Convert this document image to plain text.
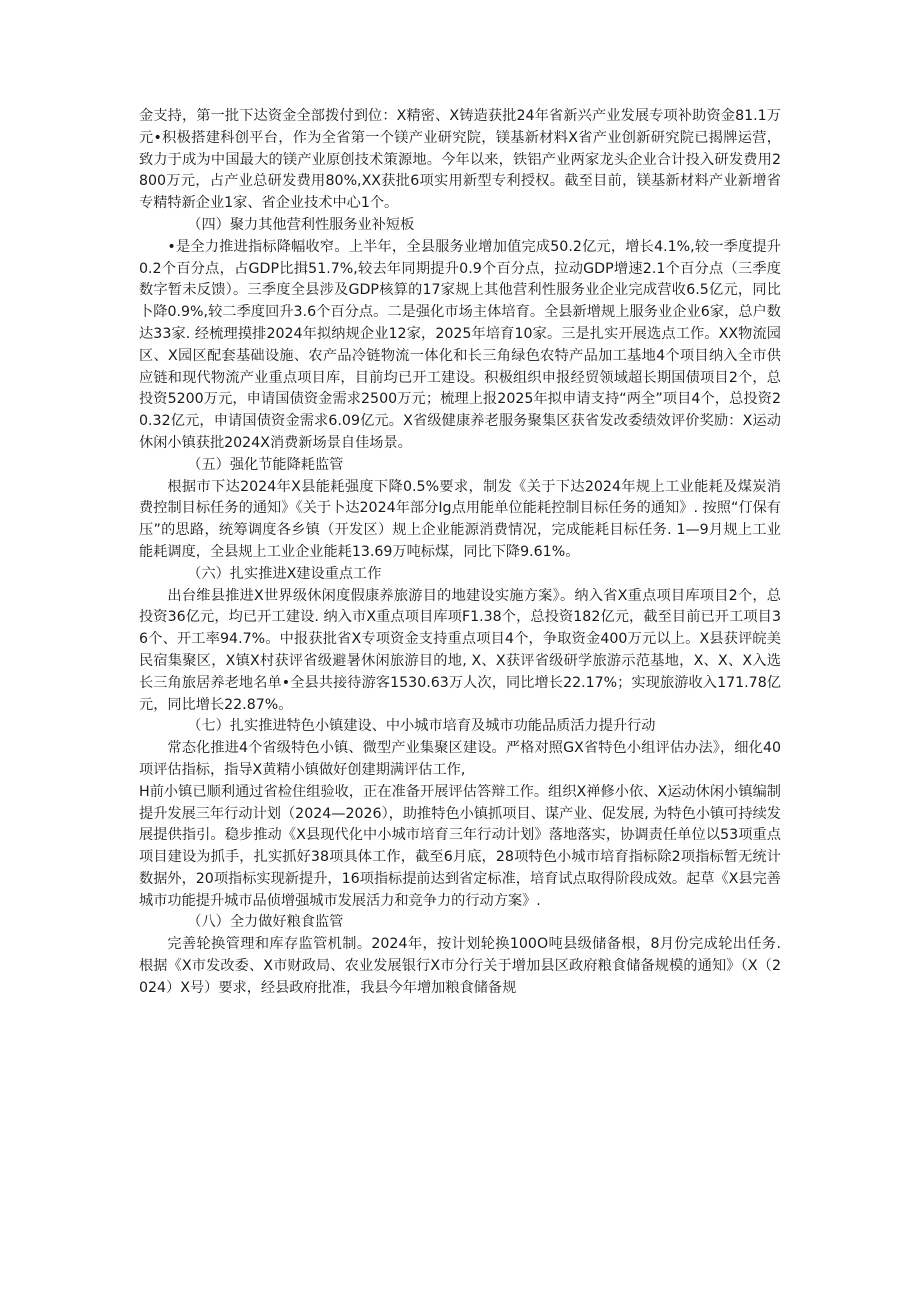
金支持，第一批下达资金全部拨付到位：X精密、X铸造获批24年省新兴产业发展专项补助资金81.1万元•积极搭建科创平台，作为全省第一个镁产业研究院，镁基新材料X省产业创新研究院已揭牌运营，致力于成为中国最大的镁产业原创技术策源地。今年以来，铁铝产业两家龙头企业合计投入研发费用2800万元，占产业总研发费用80%,XX获批6项实用新型专利授权。截至目前，镁基新材料产业新增省专精特新企业1家、省企业技术中心1个。

（四）聚力其他营利性服务业补短板

•是全力推进指标降幅收窄。上半年，全县服务业增加值完成50.2亿元，增长4.1%,较一季度提升0.2个百分点，占GDP比揖51.7%,较去年同期提升0.9个百分点，拉动GDP增速2.1个百分点（三季度数字暂未反馈）。三季度全县涉及GDP核算的17家规上其他营利性服务业企业完成营收6.5亿元，同比卜降0.9%,较二季度回升3.6个百分点。二是强化市场主体培育。全县新增规上服务业企业6家，总户数达33家. 经梳理摸排2024年拟纳规企业12家，2025年培育10家。三是扎实开展选点工作。XX物流园区、X园区配套基础设施、农产品冷链物流一体化和长三角绿色农特产品加工基地4个项目纳入全市供应链和现代物流产业重点项目库，目前均已开工建设。积极组织申报经贸领域超长期国债项目2个，总投资5200万元，申请国债资金需求2500万元；梳理上报2025年拟申请支持“两全”项目4个，总投资20.32亿元，申请国债资金需求6.09亿元。X省级健康养老服务聚集区获省发改委绩效评价奖励：X运动休闲小镇获批2024X消费新场景自佳场景。

（五）强化节能降耗监管

根据市下达2024年X县能耗强度下降0.5%要求，制发《关于下达2024年规上工业能耗及煤炭消费控制目标任务的通知》《关于卜达2024年部分Ig点用能单位能耗控制目标任务的通知》. 按照“仃保有压”的思路，统筹调度各乡镇（开发区）规上企业能源消费情况，完成能耗目标任务. 1—9月规上工业能耗调度，全县规上工业企业能耗13.69万吨标煤，同比下降9.61%。

（六）扎实推进X建设重点工作

出台维县推进X世界级休闲度假康养旅游目的地建设实施方案》。纳入省X重点项目库项目2个，总投资36亿元，均已开工建设. 纳入市X重点项目库项F1.38个，总投资182亿元，截至目前已开工项目36个、开工率94.7%。中报获批省X专项资金支持重点项目4个，争取资金400万元以上。X县获评皖美民宿集聚区，X镇X村获评省级避暑休闲旅游目的地, X、X获评省级研学旅游示范基地，X、X、X入选长三角旅居养老地名单•全县共接待游客1530.63万人次，同比增长22.17%；实现旅游收入171.78亿元，同比增长22.87%。

（七）扎实推进特色小镇建设、中小城市培育及城市功能品质活力提升行动

常态化推进4个省级特色小镇、微型产业集聚区建设。严格对照GX省特色小组评估办法》，细化40项评估指标，指导X黄精小镇做好创建期满评估工作,

H前小镇已顺利通过省检住组验收，正在准备开展评估答辩工作。组织X禅修小依、X运动休闲小镇编制提升发展三年行动计划（2024—2026），助推特色小镇抓项目、谋产业、促发展, 为特色小镇可持续发展提供指引。稳步推动《X县现代化中小城市培育三年行动计划》落地落实，协调责任单位以53项重点项目建设为抓手，扎实抓好38项具体工作，截至6月底，28项特色小城市培育指标除2项指标暂无统计数据外，20项指标实现新提升，16项指标提前达到省定标准，培育试点取得阶段成效。起草《X县完善城市功能提升城市品侦增强城市发展活力和竞争力的行动方案》.

（八）全力做好粮食监管

完善轮换管理和库存监管机制。2024年，按计划轮换100O吨县级储备根，8月份完成轮出任务. 根据《X市发改委、X市财政局、农业发展银行X市分行关于增加县区政府粮食储备规模的通知》（X（2024）X号）要求，经县政府批准，我县今年增加粮食储备规
